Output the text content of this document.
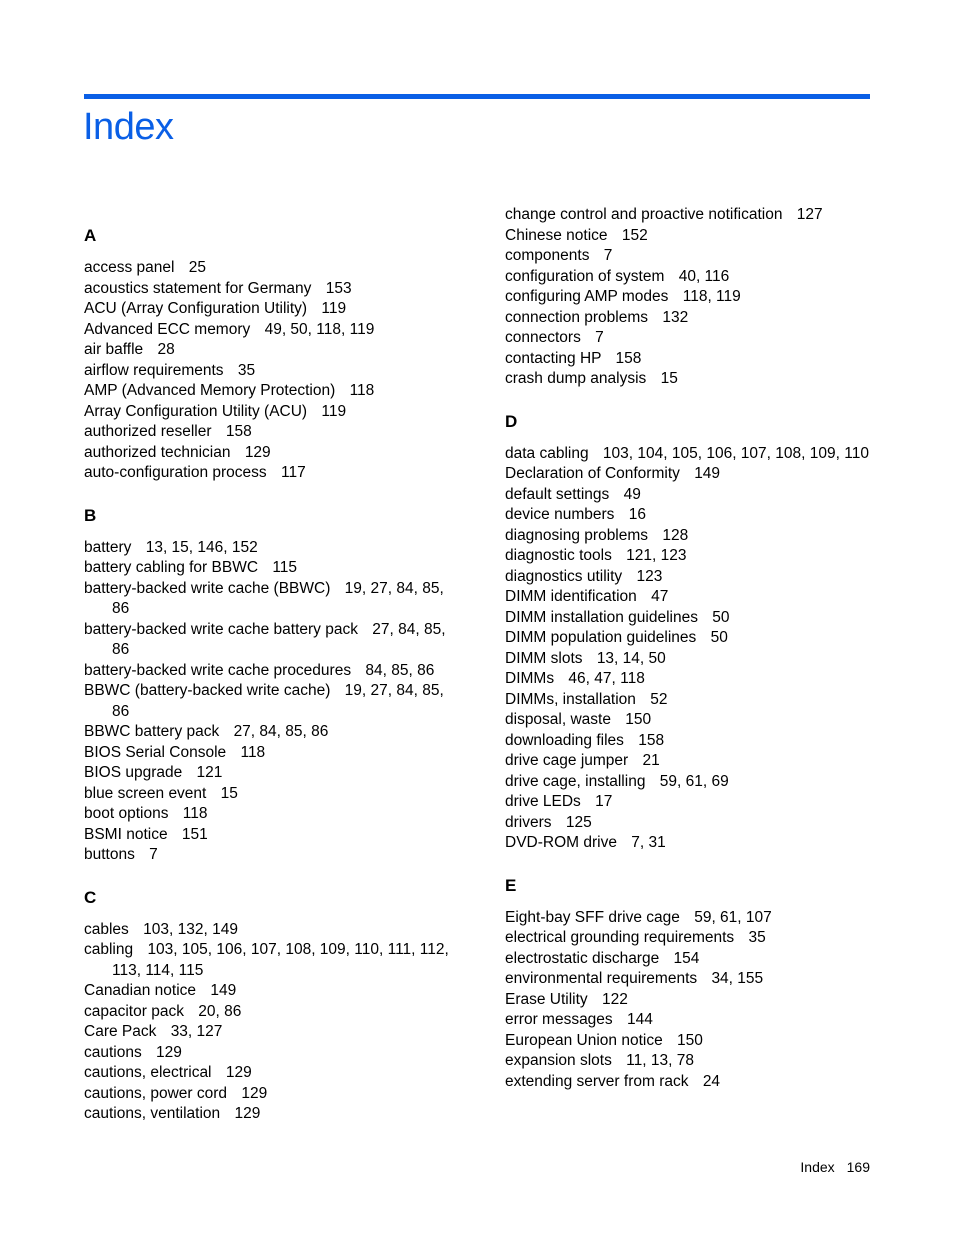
Index
A
access panel 25
acoustics statement for Germany 153
ACU (Array Configuration Utility) 119
Advanced ECC memory 49, 50, 118, 119
air baffle 28
airflow requirements 35
AMP (Advanced Memory Protection) 118
Array Configuration Utility (ACU) 119
authorized reseller 158
authorized technician 129
auto-configuration process 117
B
battery 13, 15, 146, 152
battery cabling for BBWC 115
battery-backed write cache (BBWC) 19, 27, 84, 85, 86
battery-backed write cache battery pack 27, 84, 85, 86
battery-backed write cache procedures 84, 85, 86
BBWC (battery-backed write cache) 19, 27, 84, 85, 86
BBWC battery pack 27, 84, 85, 86
BIOS Serial Console 118
BIOS upgrade 121
blue screen event 15
boot options 118
BSMI notice 151
buttons 7
C
cables 103, 132, 149
cabling 103, 105, 106, 107, 108, 109, 110, 111, 112, 113, 114, 115
Canadian notice 149
capacitor pack 20, 86
Care Pack 33, 127
cautions 129
cautions, electrical 129
cautions, power cord 129
cautions, ventilation 129
change control and proactive notification 127
Chinese notice 152
components 7
configuration of system 40, 116
configuring AMP modes 118, 119
connection problems 132
connectors 7
contacting HP 158
crash dump analysis 15
D
data cabling 103, 104, 105, 106, 107, 108, 109, 110
Declaration of Conformity 149
default settings 49
device numbers 16
diagnosing problems 128
diagnostic tools 121, 123
diagnostics utility 123
DIMM identification 47
DIMM installation guidelines 50
DIMM population guidelines 50
DIMM slots 13, 14, 50
DIMMs 46, 47, 118
DIMMs, installation 52
disposal, waste 150
downloading files 158
drive cage jumper 21
drive cage, installing 59, 61, 69
drive LEDs 17
drivers 125
DVD-ROM drive 7, 31
E
Eight-bay SFF drive cage 59, 61, 107
electrical grounding requirements 35
electrostatic discharge 154
environmental requirements 34, 155
Erase Utility 122
error messages 144
European Union notice 150
expansion slots 11, 13, 78
extending server from rack 24
Index 169
